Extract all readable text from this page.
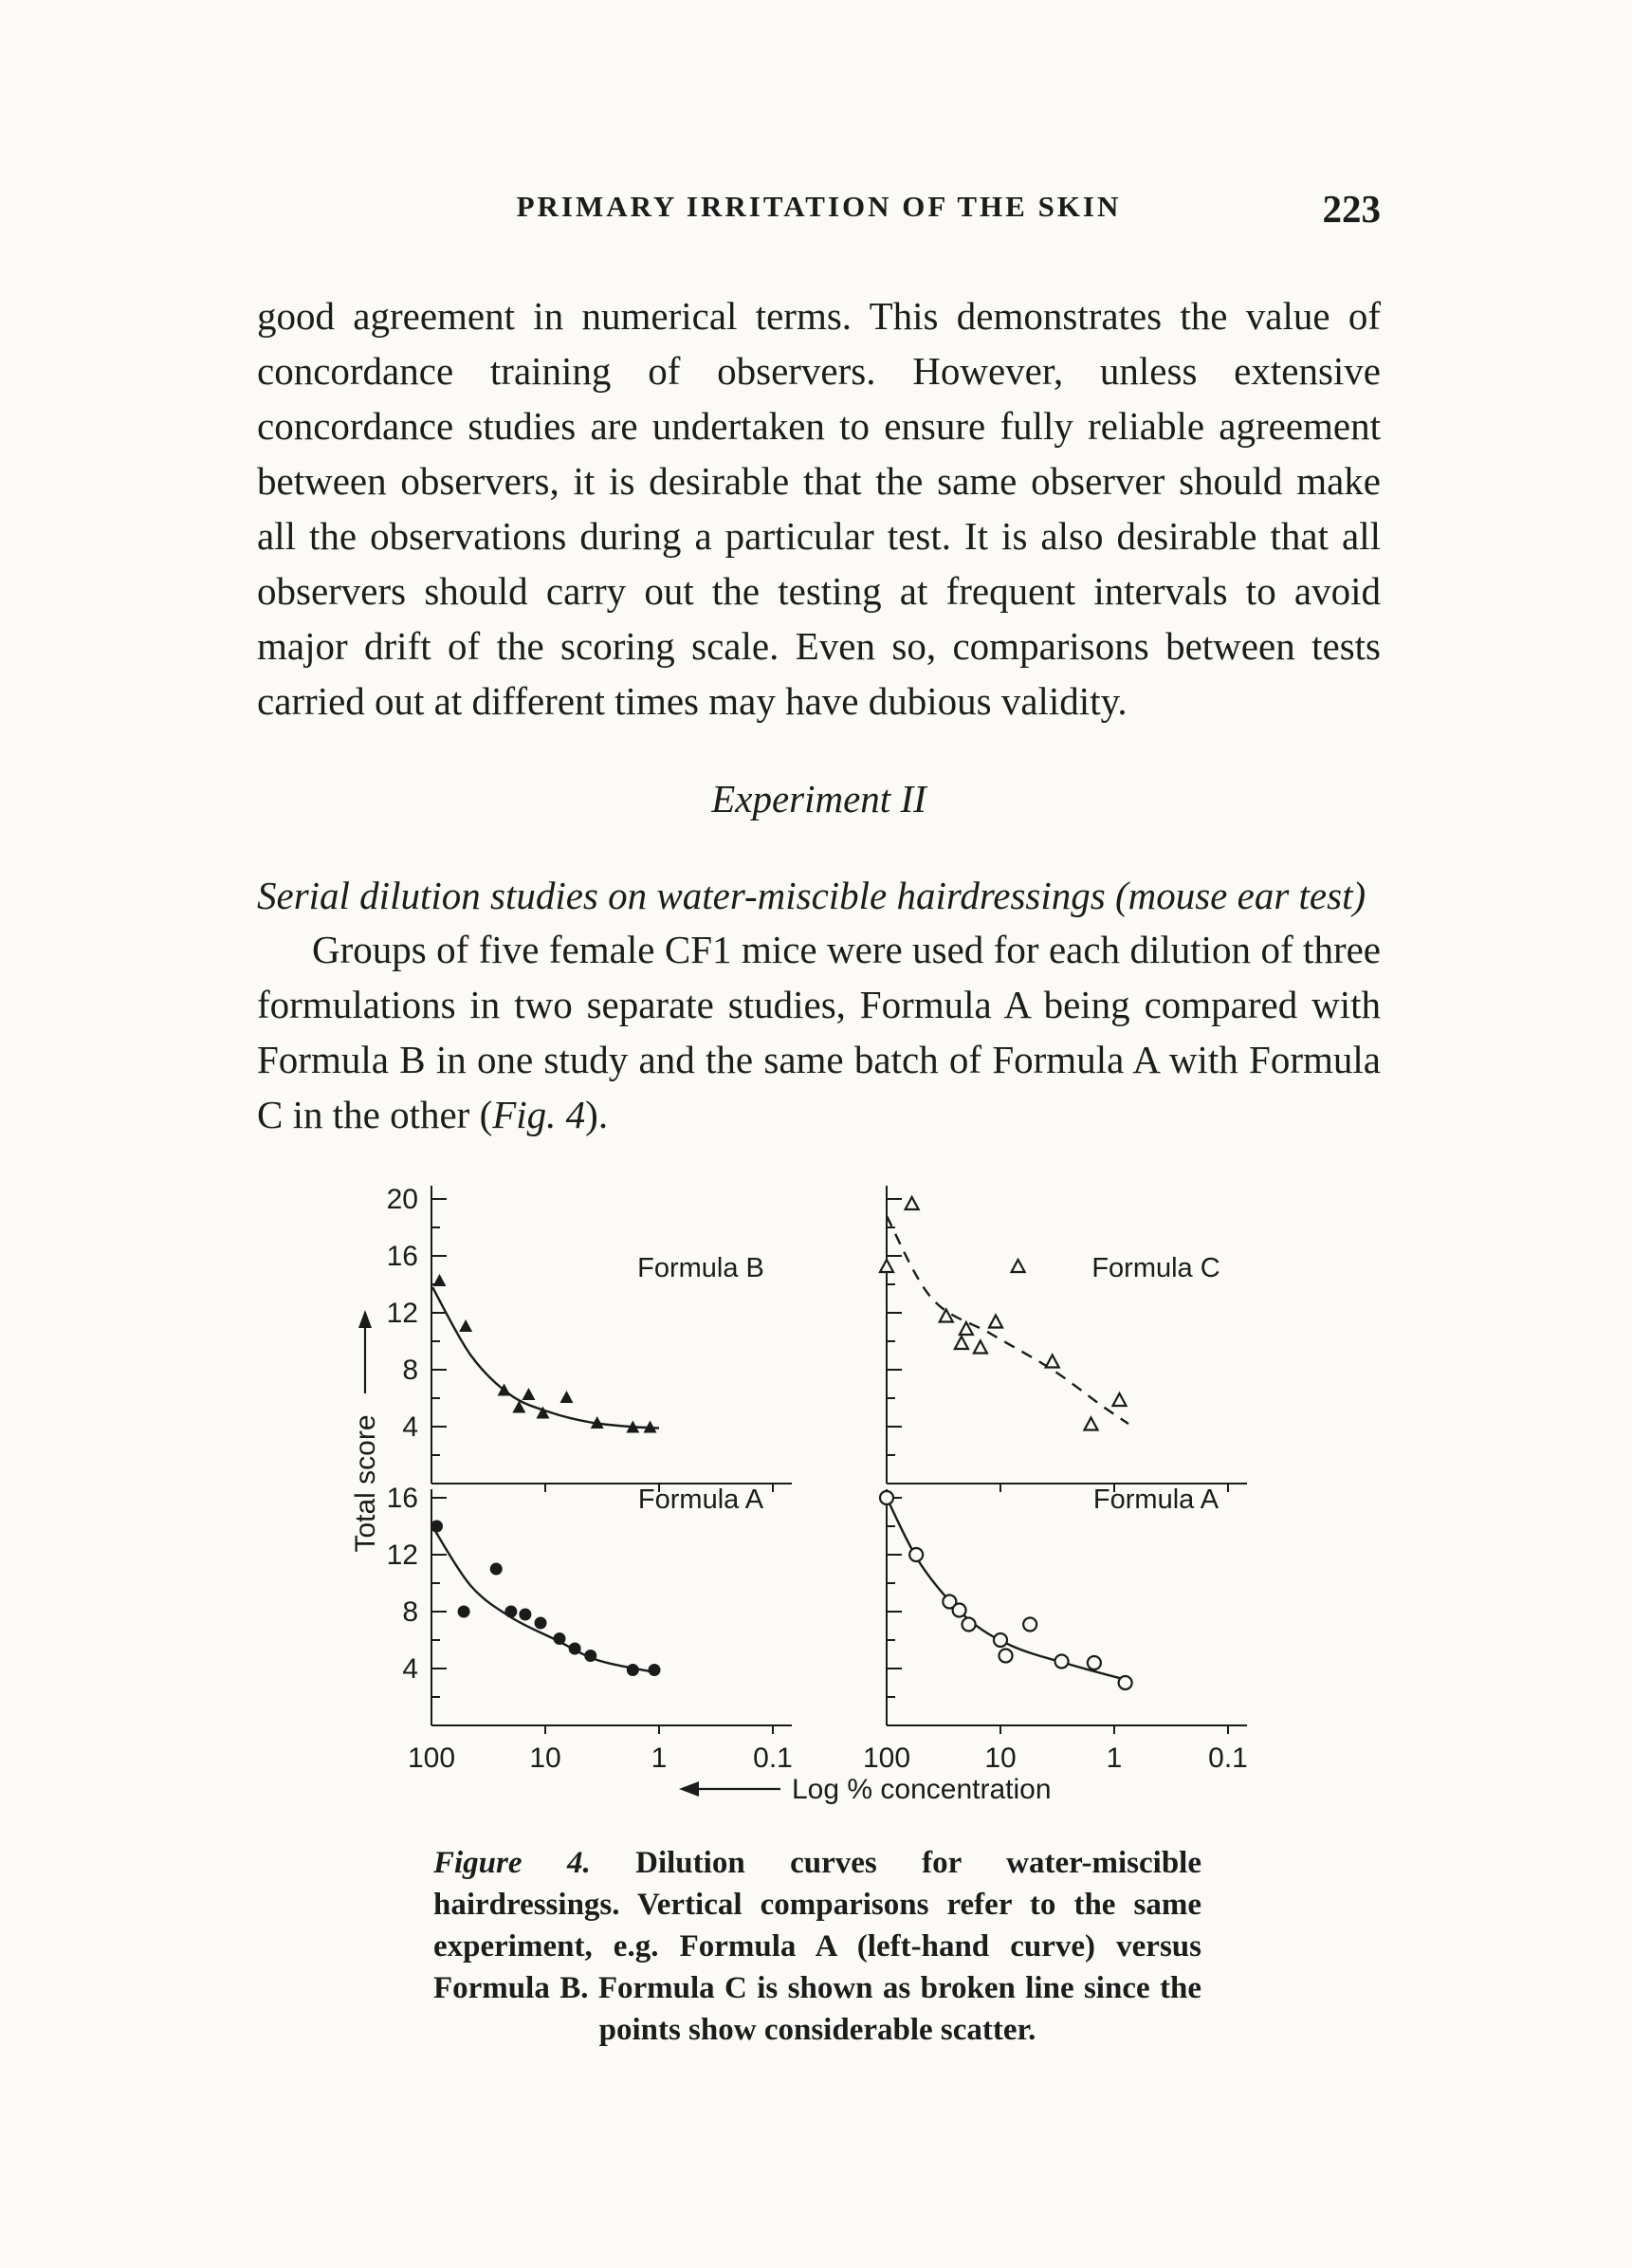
PRIMARY IRRITATION OF THE SKIN	223

good agreement in numerical terms. This demonstrates the value of concordance training of observers. However, unless extensive concordance studies are undertaken to ensure fully reliable agreement between observers, it is desirable that the same observer should make all the observations during a particular test. It is also desirable that all observers should carry out the testing at frequent intervals to avoid major drift of the scoring scale. Even so, comparisons between tests carried out at different times may have dubious validity.

Experiment II
Serial dilution studies on water-miscible hairdressings (mouse ear test)

Groups of five female CF1 mice were used for each dilution of three formulations in two separate studies, Formula A being compared with Formula B in one study and the same batch of Formula A with Formula C in the other (Fig. 4).

4
8
12
16
20
Formula B	Formula C
4
8
12
16
100	10	1	0.1
Formula A
100	10	1	0.1
Formula A
Total score
Log % concentration
Figure 4. Dilution curves for water-miscible hairdressings. Vertical comparisons refer to the same experiment, e.g. Formula A (left-hand curve) versus Formula B. Formula C is shown as broken line since the points show considerable scatter.
